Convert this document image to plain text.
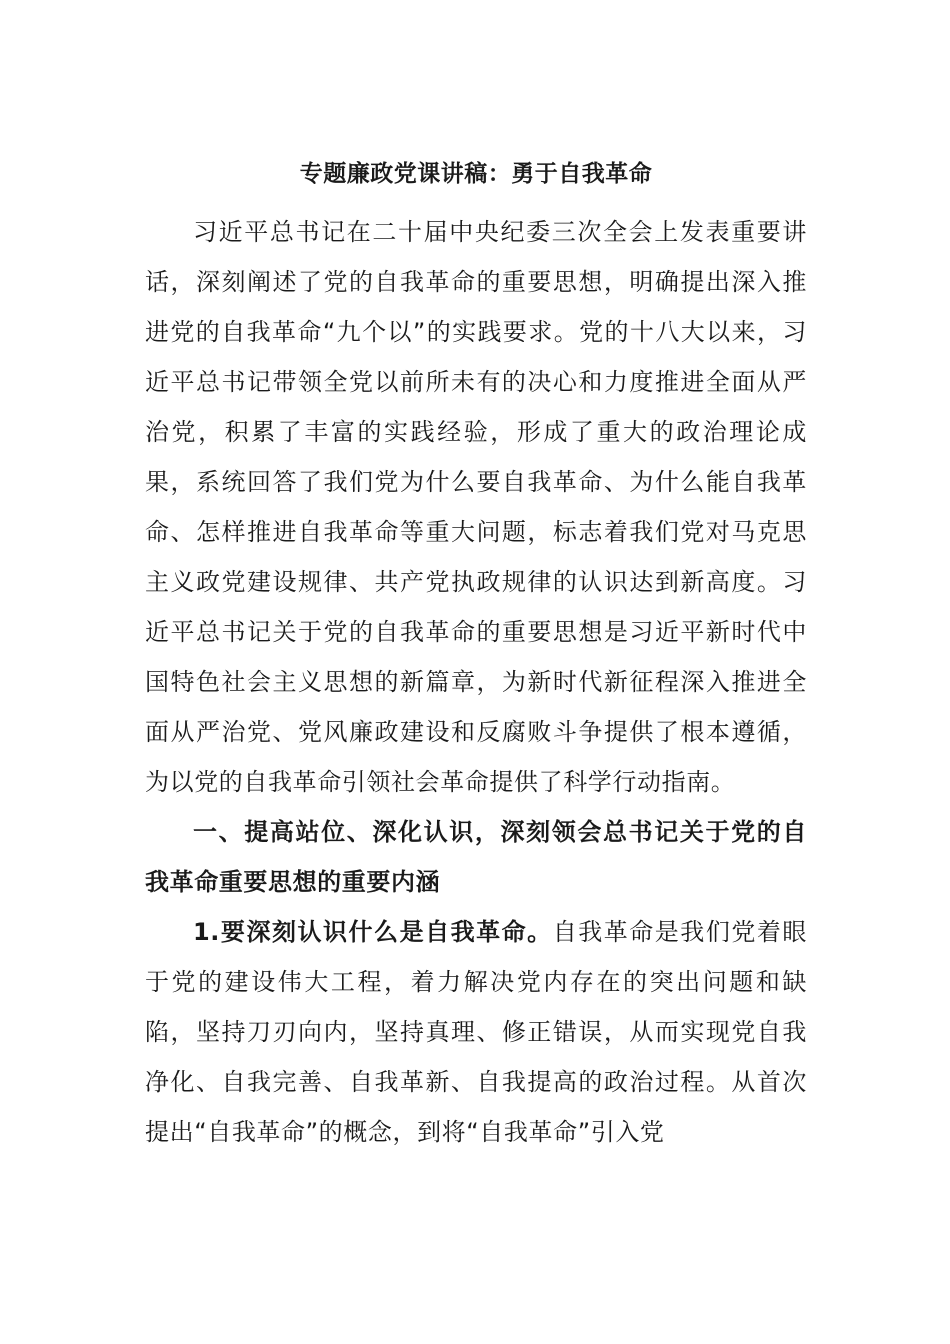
专题廉政党课讲稿：勇于自我革命

习近平总书记在二十届中央纪委三次全会上发表重要讲话，深刻阐述了党的自我革命的重要思想，明确提出深入推进党的自我革命“九个以”的实践要求。党的十八大以来，习近平总书记带领全党以前所未有的决心和力度推进全面从严治党，积累了丰富的实践经验，形成了重大的政治理论成果，系统回答了我们党为什么要自我革命、为什么能自我革命、怎样推进自我革命等重大问题，标志着我们党对马克思主义政党建设规律、共产党执政规律的认识达到新高度。习近平总书记关于党的自我革命的重要思想是习近平新时代中国特色社会主义思想的新篇章，为新时代新征程深入推进全面从严治党、党风廉政建设和反腐败斗争提供了根本遵循，为以党的自我革命引领社会革命提供了科学行动指南。

一、提高站位、深化认识，深刻领会总书记关于党的自我革命重要思想的重要内涵

1.要深刻认识什么是自我革命。自我革命是我们党着眼于党的建设伟大工程，着力解决党内存在的突出问题和缺陷，坚持刀刃向内，坚持真理、修正错误，从而实现党自我净化、自我完善、自我革新、自我提高的政治过程。从首次提出“自我革命”的概念，到将“自我革命”引入党
